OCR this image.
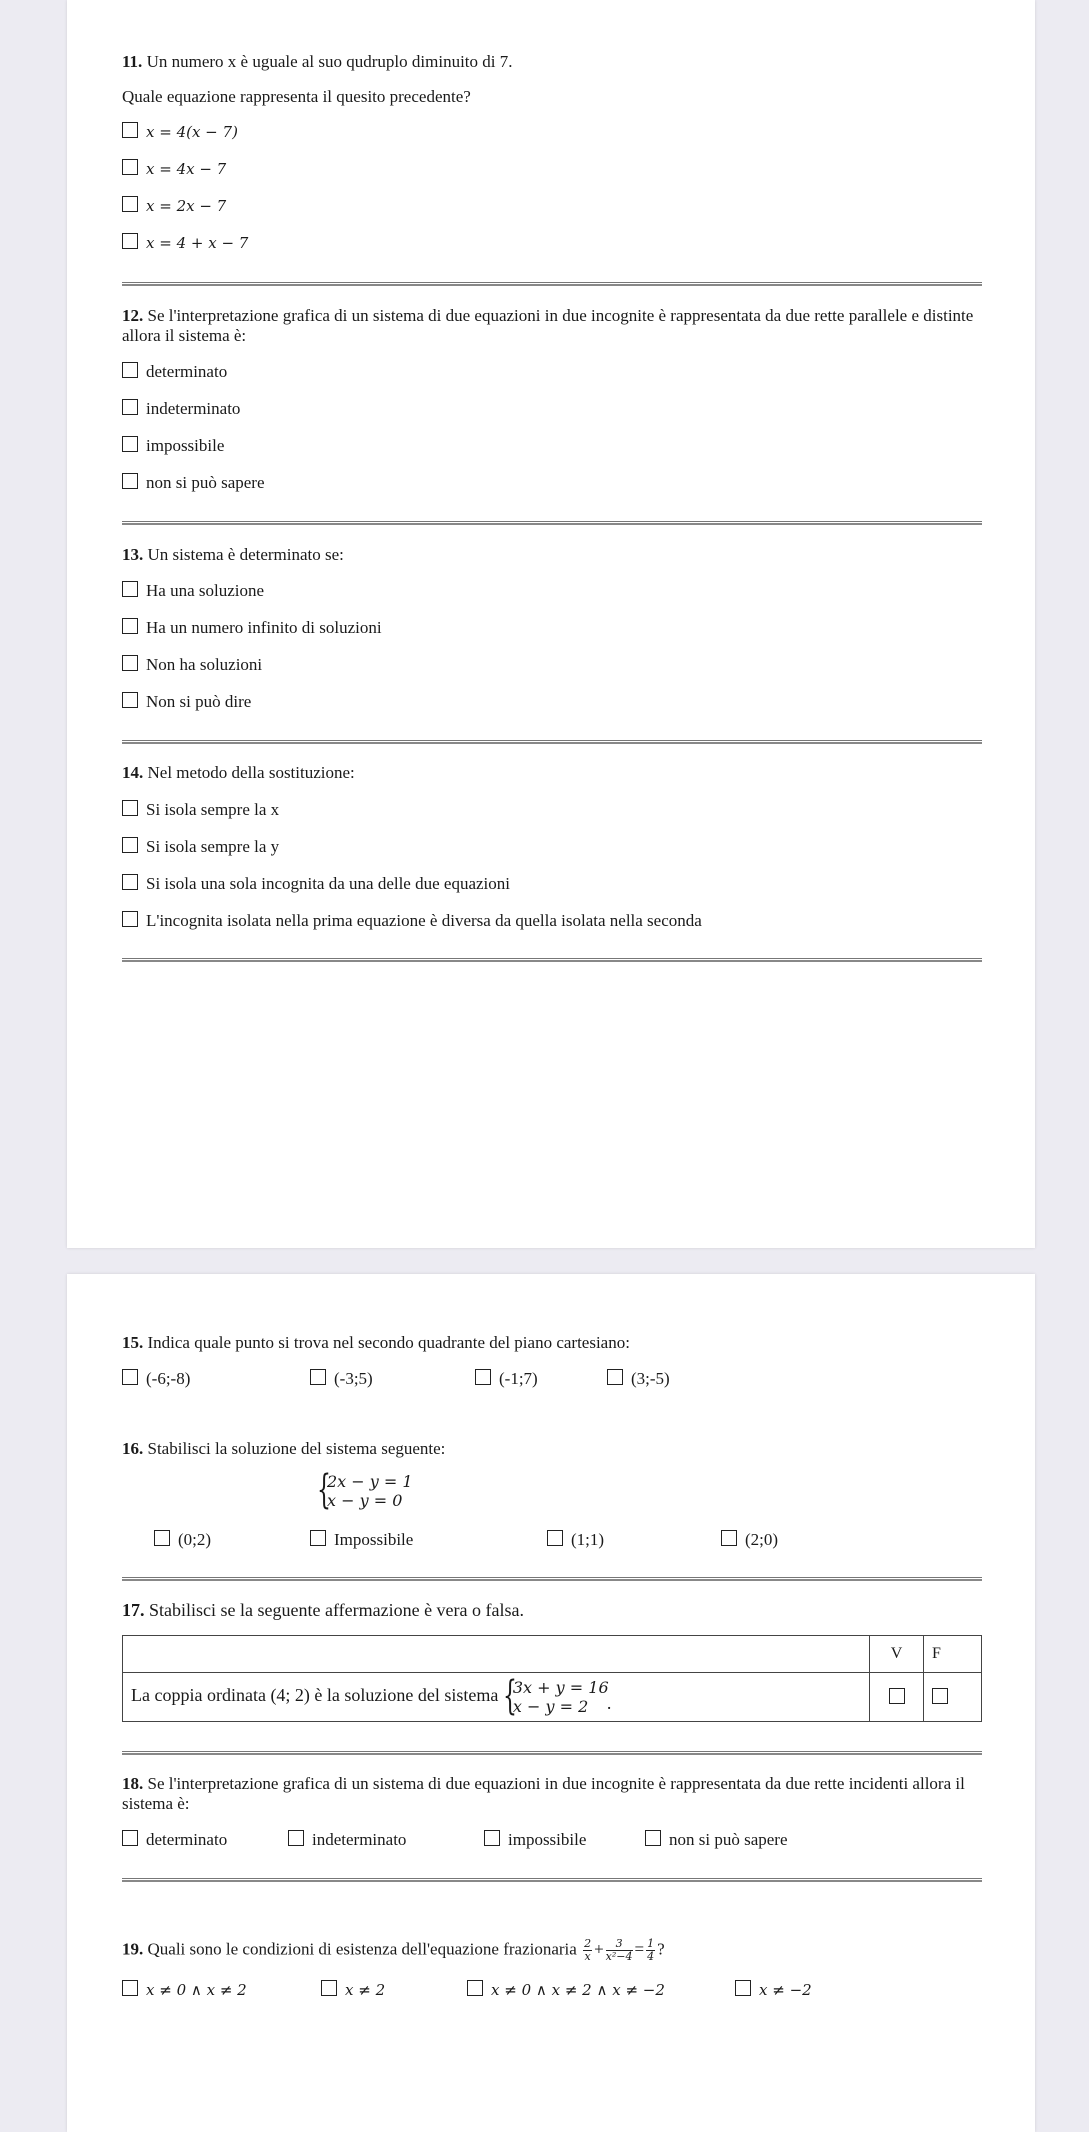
11. Un numero x è uguale al suo qudruplo diminuito di 7.
Quale equazione rappresenta il quesito precedente?
x = 4(x − 7)
x = 4x − 7
x = 2x − 7
x = 4 + x − 7
12. Se l'interpretazione grafica di un sistema di due equazioni in due incognite è rappresentata da due rette parallele e distinte allora il sistema è:
determinato
indeterminato
impossibile
non si può sapere
13. Un sistema è determinato se:
Ha una soluzione
Ha un numero infinito di soluzioni
Non ha soluzioni
Non si può dire
14. Nel metodo della sostituzione:
Si isola sempre la x
Si isola sempre la y
Si isola una sola incognita da una delle due equazioni
L'incognita isolata nella prima equazione è diversa da quella isolata nella seconda
15. Indica quale punto si trova nel secondo quadrante del piano cartesiano:
(-6;-8)	(-3;5)	(-1;7)	(3;-5)
16. Stabilisci la soluzione del sistema seguente:
{
2x − y = 1
x − y = 0
(0;2)	Impossibile	(1;1)	(2;0)
17. Stabilisci se la seguente affermazione è vera o falsa.
	V	F
La coppia ordinata (4; 2) è la soluzione del sistema {
3x + y = 16
x − y = 2 .		

18. Se l'interpretazione grafica di un sistema di due equazioni in due incognite è rappresentata da due rette incidenti allora il sistema è:
determinato	indeterminato	impossibile	non si può sapere
19. Quali sono le condizioni di esistenza dell'equazione frazionaria $\frac{2}{x} + \frac{3}{\text{x²−4}} = \frac{1}{4}$ ?
x ≠ 0 ∧ x ≠ 2	x ≠ 2	x ≠ 0 ∧ x ≠ 2 ∧ x ≠ −2	x ≠ −2
